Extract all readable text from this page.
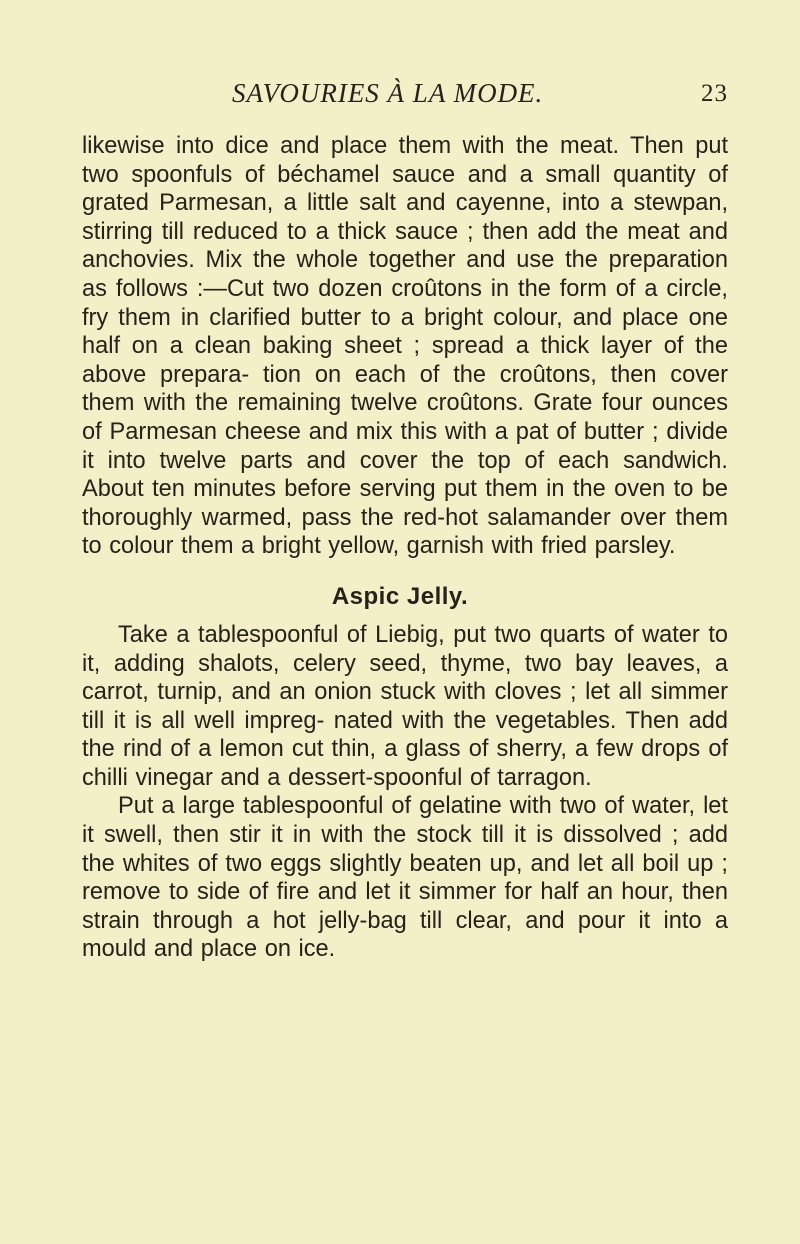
SAVOURIES À LA MODE.	23

likewise into dice and place them with the meat. Then put two spoonfuls of béchamel sauce and a small quantity of grated Parmesan, a little salt and cayenne, into a stewpan, stirring till reduced to a thick sauce ; then add the meat and anchovies. Mix the whole together and use the preparation as follows :—Cut two dozen croûtons in the form of a circle, fry them in clarified butter to a bright colour, and place one half on a clean baking sheet ; spread a thick layer of the above prepara- tion on each of the croûtons, then cover them with the remaining twelve croûtons. Grate four ounces of Parmesan cheese and mix this with a pat of butter ; divide it into twelve parts and cover the top of each sandwich. About ten minutes before serving put them in the oven to be thoroughly warmed, pass the red-hot salamander over them to colour them a bright yellow, garnish with fried parsley.

Aspic Jelly.

Take a tablespoonful of Liebig, put two quarts of water to it, adding shalots, celery seed, thyme, two bay leaves, a carrot, turnip, and an onion stuck with cloves ; let all simmer till it is all well impreg- nated with the vegetables. Then add the rind of a lemon cut thin, a glass of sherry, a few drops of chilli vinegar and a dessert-spoonful of tarragon.

Put a large tablespoonful of gelatine with two of water, let it swell, then stir it in with the stock till it is dissolved ; add the whites of two eggs slightly beaten up, and let all boil up ; remove to side of fire and let it simmer for half an hour, then strain through a hot jelly-bag till clear, and pour it into a mould and place on ice.
